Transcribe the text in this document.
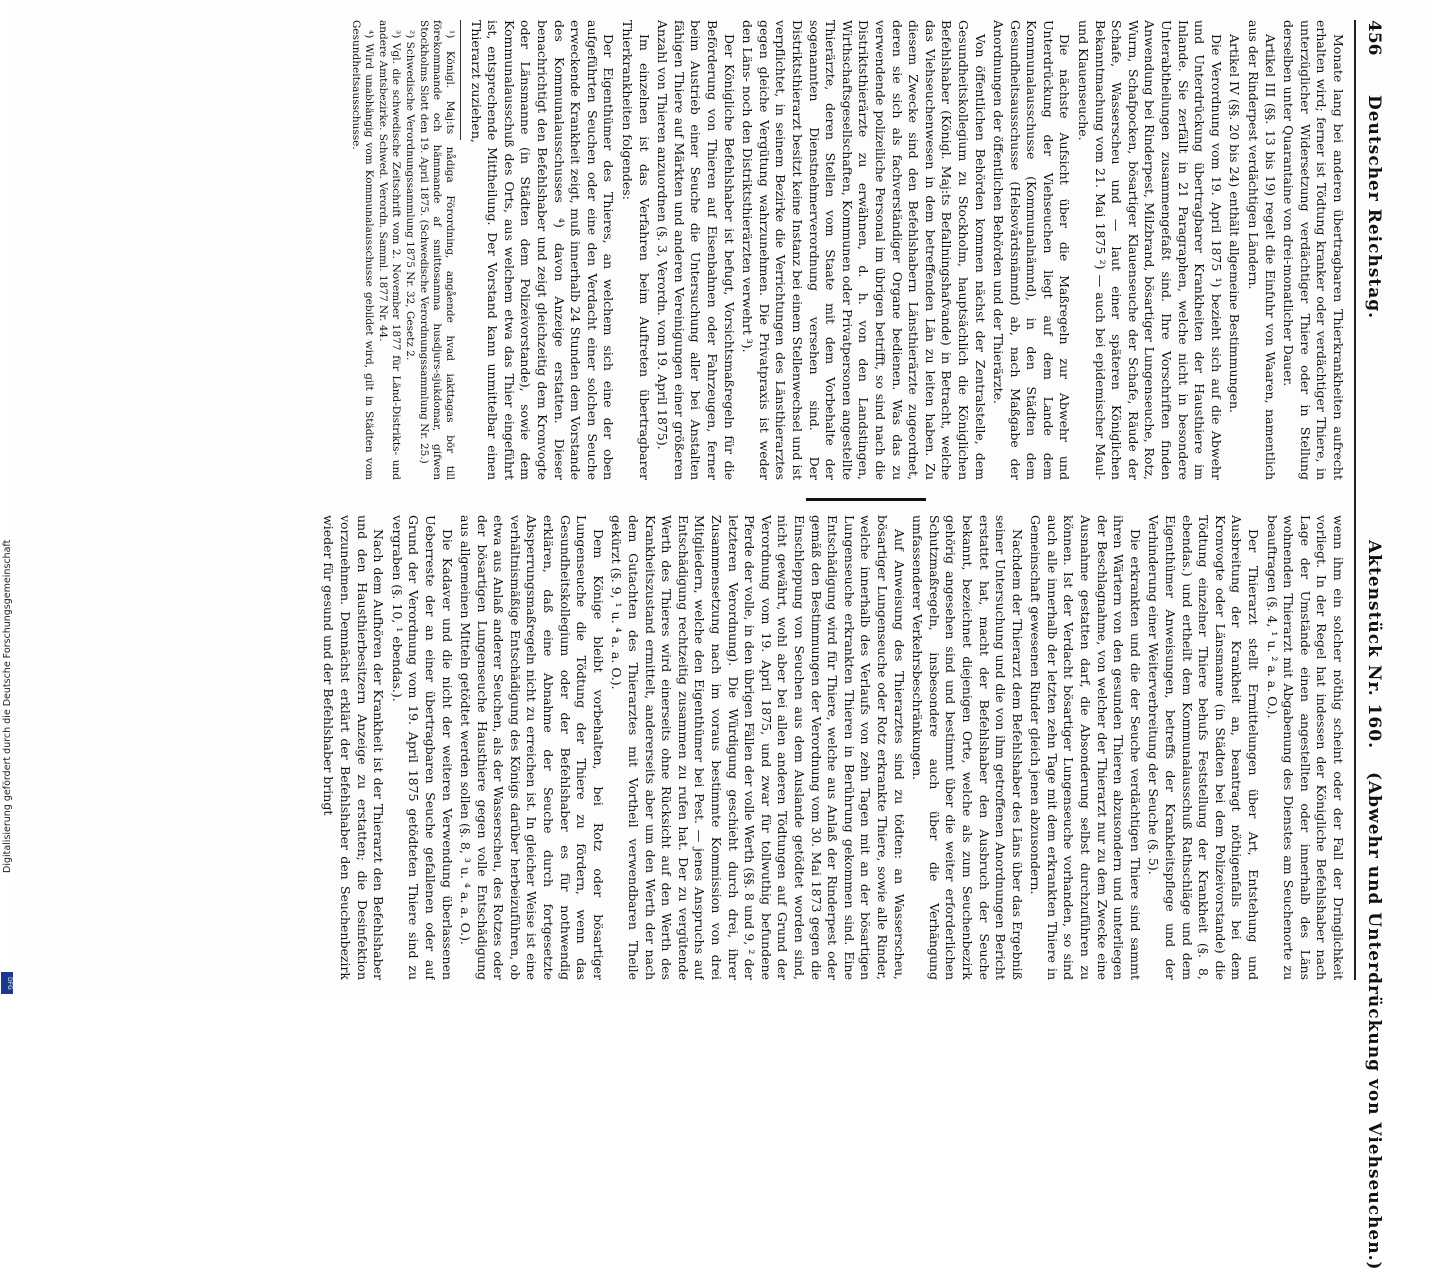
456
Deutscher Reichstag.
Aktenstück Nr. 160. (Abwehr und Unterdrückung von Viehseuchen.)

Monate lang bei anderen übertragbaren Thierkrankheiten aufrecht erhalten wird; ferner ist Tödtung kranker oder verdächtiger Thiere, in unterzüglicher Widersetzung verdächtiger Thiere oder in Stellung derselben unter Quarantaine von drei-monatlicher Dauer.

Artikel III (§§. 13 bis 19) regelt die Einfuhr von Waaren, namentlich aus der Rinderpest verdächtigen Ländern.

Artikel IV (§§. 20 bis 24) enthält allgemeine Bestimmungen.

Die Verordnung vom 19. April 1875 ¹) bezieht sich auf die Abwehr und Unterdrückung übertragbarer Krankheiten der Hausthiere im Inlande. Sie zerfällt in 21 Paragraphen, welche nicht in besondere Unterabtheilungen zusammengefaßt sind. Ihre Vorschriften finden Anwendung bei Rinderpest, Milzbrand, bösartiger Lungenseuche, Rotz, Wurm, Schafpocken, bösartiger Klauenseuche der Schafe, Räude der Schafe, Wasserscheu und — laut einer späteren Königlichen Bekanntmachung vom 21. Mai 1875 ²) — auch bei epidemischer Maul- und Klauenseuche.

Die nächste Aufsicht über die Maßregeln zur Abwehr und Unterdrückung der Viehseuchen liegt auf dem Lande dem Kommunalausschusse (Kommunalnämnd), in den Städten dem Gesundheitsausschusse (Helsovårdsnämnd) ab, nach Maßgabe der Anordnungen der öffentlichen Behörden und der Thierärzte.

Von öffentlichen Behörden kommen nächst der Zentralstelle, dem Gesundheitskollegium zu Stockholm, hauptsächlich die Königlichen Befehlshaber (Königl. Maj:ts Befallningshafvande) in Betracht, welche das Viehseuchenwesen in dem betreffenden Län zu leiten haben. Zu diesem Zwecke sind den Befehlshabern Länsthierärzte zugeordnet, deren sie sich als fachverständiger Organe bedienen. Was das zu verwendende polizeiliche Personal im übrigen betrifft, so sind nach die Distriktsthierärzte zu erwähnen, d. h. von den Landstingen, Wirthschaftsgesellschaften, Kommunen oder Privatpersonen angestellte Thierärzte, deren Stellen vom Staate mit dem Vorbehalte der sogenannten Dienstnehmerverordnung versehen sind. Der Distriktsthierarzt besitzt keine Instanz bei einem Stellenwechsel und ist verpflichtet, in seinem Bezirke die Verrichtungen des Länsthierarztes gegen gleiche Vergütung wahrzunehmen. Die Privatpraxis ist weder den Läns- noch den Distriktsthierärzten verwehrt ³).

Der Königliche Befehlshaber ist befugt, Vorsichtsmaßregeln für die Beförderung von Thieren auf Eisenbahnen oder Fahrzeugen, ferner beim Austrieb einer Seuche die Untersuchung aller bei Anstalten fähigen Thiere auf Märkten und anderen Vereinigungen einer größeren Anzahl von Thieren anzuordnen (§. 3, Verordn. vom 19. April 1875).

Im einzelnen ist das Verfahren beim Auftreten übertragbarer Thierkrankheiten folgendes:

Der Eigenthümer des Thieres, an welchem sich eine der oben aufgeführten Seuchen oder eine den Verdacht einer solchen Seuche erweckende Krankheit zeigt, muß innerhalb 24 Stunden dem Vorstande des Kommunalausschusses ⁴) davon Anzeige erstatten. Dieser benachrichtigt den Befehlshaber und zeigt gleichzeitig dem Kronvogte oder Länsmanne (in Städten dem Polizeivorstande), sowie dem Kommunalausschuß des Orts, aus welchem etwa das Thier eingeführt ist, entsprechende Mittheilung. Der Vorstand kann unmittelbar einen Thierarzt zuziehen,

¹) Königl. Maj:ts nådiga Förordning, angående hvad iakttagas bör till förekommande och hämmande af smittosamma husdjurs-sjukdomar, gifwen Stockholms Slott den 19. April 1875. (Schwedische Verordnungssammlung Nr. 25.)

²) Schwedische Verordnungssammlung 1875 Nr. 32, Gesetz 2.

³) Vgl. die schwedische Zeitschrift vom 2. November 1877 für Länd-Distrikts- und andere Amtsbezirke. Schwed. Verordn. Samml. 1877 Nr. 44.

⁴) Wird unabhängig vom Kommunalausschusse gebildet wird, gilt in Städten vom Gesundheitsausschusse.

wenn ihm ein solcher nöthig scheint oder der Fall der Dringlichkeit vorliegt. In der Regel hat indessen der Königliche Befehlshaber nach Lage der Umstände einen angestellten oder innerhalb des Läns wohnenden Thierarzt mit Abgabenung des Dienstes am Seuchenorte zu beauftragen (§. 4, ¹ u. ² a. a. O.).

Der Thierarzt stellt Ermittelungen über Art, Entstehung und Ausbreitung der Krankheit an, beantragt nöthigenfalls bei dem Kronvogte oder Länsmanne (in Städten bei dem Polizeivorstande) die Tödtung einzelner Thiere behufs Feststellung der Krankheit (§. 8, ebendas.) und ertheilt dem Kommunalausschuß Rathschläge und dem Eigenthümer Anweisungen, betreffs der Krankheitspflege und der Verhinderung einer Weiterverbreitung der Seuche (§. 5).

Die erkrankten und die der Seuche verdächtigen Thiere sind sammt ihren Wärtern von den gesunden Thieren abzusondern und unterliegen der Beschlagnahme, von welcher der Thierarzt nur zu dem Zwecke eine Ausnahme gestatten darf, die Absonderung selbst durchzuführen zu können. Ist der Verdacht bösartiger Lungenseuche vorhanden, so sind auch alle innerhalb der letzten zehn Tage mit dem erkrankten Thiere in Gemeinschaft gewesenen Rinder gleich jenen abzusondern.

Nachdem der Thierarzt dem Befehlshaber des Läns über das Ergebniß seiner Untersuchung und die von ihm getroffenen Anordnungen Bericht erstattet hat, macht der Befehlshaber den Ausbruch der Seuche bekannt, bezeichnet diejenigen Orte, welche als zum Seuchenbezirk gehörig angesehen sind und bestimmt über die weiter erforderlichen Schutzmaßregeln, insbesondere auch über die Verhängung umfassenderer Verkehrsbeschränkungen.

Auf Anweisung des Thierarztes sind zu tödten: an Wasserscheu, bösartiger Lungenseuche oder Rotz erkrankte Thiere, sowie alle Rinder, welche innerhalb des Verlaufs von zehn Tagen mit an der bösartigen Lungenseuche erkrankten Thieren in Berührung gekommen sind. Eine Entschädigung wird für Thiere, welche aus Anlaß der Rinderpest oder gemäß den Bestimmungen der Verordnung vom 30. Mai 1873 gegen die Einschleppung von Seuchen aus dem Auslande getödtet worden sind, nicht gewährt, wohl aber bei allen anderen Tödtungen auf Grund der Verordnung vom 19. April 1875, und zwar für tollwuthig befundene Pferde der volle, in den übrigen Fällen der volle Werth (§§. 8 und 9, ² der letzteren Verordnung). Die Würdigung geschieht durch drei, ihrer Zusammensetzung nach im voraus bestimmte Kommission von drei Mitgliedern, welche den Eigenthümer bei Pest. — jenes Anspruchs auf Entschädigung rechtzeitig zusammen zu rufen hat. Der zu vergütende Werth des Thieres wird einerseits ohne Rücksicht auf den Werth des Krankheitszustand ermittelt, andererseits aber um den Werth der nach dem Gutachten des Thierarztes mit Vortheil verwendbaren Theile gekürzt (§. 9, ¹ u. ⁴ a. a. O.).

Dem Könige bleibt vorbehalten, bei Rotz oder bösartiger Lungenseuche die Tödtung der Thiere zu fördern, wenn das Gesundheitskollegium oder der Befehlshaber es für nothwendig erklären, daß eine Abnahme der Seuche durch fortgesetzte Absperrungsmaßregeln nicht zu erreichen ist. In gleicher Weise ist eine verhältnismäßige Entschädigung des Königs darüber herbeizuführen, ob etwa aus Anlaß anderer Seuchen, als der Wasserscheu, des Rotzes oder der bösartigen Lungenseuche Hausthiere gegen volle Entschädigung aus allgemeinen Mitteln getödtet werden sollen (§. 8, ³ u. ⁴ a. a. O.).

Die Kadaver und die nicht der weiteren Verwendung überlassenen Ueberreste der an einer übertragbaren Seuche gefallenen oder auf Grund der Verordnung vom 19. April 1875 getödteten Thiere sind zu vergraben (§. 10, ¹ ebendas.).

Nach dem Aufhören der Krankheit ist der Thierarzt den Befehlshaber und den Hausthierbesitzern Anzeige zu erstatten; die Desinfektion vorzunehmen. Demnächst erklärt der Befehlshaber den Seuchenbezirk wieder für gesund und der Befehlshaber bringt

Digitalisierung gefördert durch die Deutsche Forschungsgemeinschaft
DFG
